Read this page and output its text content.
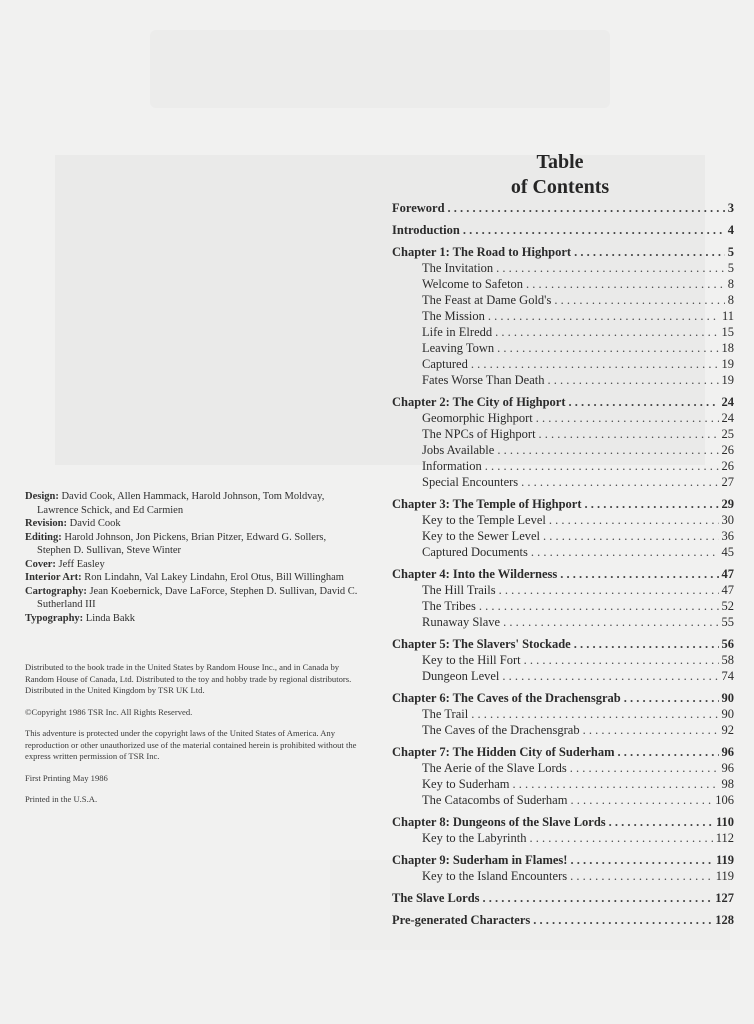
Table
of Contents
Foreword . . .	3
Introduction . . .	4
Chapter 1: The Road to Highport . . .	5
The Invitation . . .	5
Welcome to Safeton . . .	8
The Feast at Dame Gold's . . .	8
The Mission . . .	11
Life in Elredd . . .	15
Leaving Town . . .	18
Captured . . .	19
Fates Worse Than Death . . .	19
Chapter 2: The City of Highport . . .	24
Geomorphic Highport . . .	24
The NPCs of Highport . . .	25
Jobs Available . . .	26
Information . . .	26
Special Encounters . . .	27
Chapter 3: The Temple of Highport . . .	29
Key to the Temple Level . . .	30
Key to the Sewer Level . . .	36
Captured Documents . . .	45
Chapter 4: Into the Wilderness . . .	47
The Hill Trails . . .	47
The Tribes . . .	52
Runaway Slave . . .	55
Chapter 5: The Slavers' Stockade . . .	56
Key to the Hill Fort . . .	58
Dungeon Level . . .	74
Chapter 6: The Caves of the Drachensgrab . . .	90
The Trail . . .	90
The Caves of the Drachensgrab . . .	92
Chapter 7: The Hidden City of Suderham . . .	96
The Aerie of the Slave Lords . . .	96
Key to Suderham . . .	98
The Catacombs of Suderham . . .	106
Chapter 8: Dungeons of the Slave Lords . . .	110
Key to the Labyrinth . . .	112
Chapter 9: Suderham in Flames! . . .	119
Key to the Island Encounters . . .	119
The Slave Lords . . .	127
Pre-generated Characters . . .	128
Design: David Cook, Allen Hammack, Harold Johnson, Tom Moldvay, Lawrence Schick, and Ed Carmien
Revision: David Cook
Editing: Harold Johnson, Jon Pickens, Brian Pitzer, Edward G. Sollers, Stephen D. Sullivan, Steve Winter
Cover: Jeff Easley
Interior Art: Ron Lindahn, Val Lakey Lindahn, Erol Otus, Bill Willingham
Cartography: Jean Koebernick, Dave LaForce, Stephen D. Sullivan, David C. Sutherland III
Typography: Linda Bakk

Distributed to the book trade in the United States by Random House Inc., and in Canada by Random House of Canada, Ltd. Distributed to the toy and hobby trade by regional distributors. Distributed in the United Kingdom by TSR UK Ltd.

©Copyright 1986 TSR Inc. All Rights Reserved.

This adventure is protected under the copyright laws of the United States of America. Any reproduction or other unauthorized use of the material contained herein is prohibited without the express written permission of TSR Inc.

First Printing May 1986

Printed in the U.S.A.
